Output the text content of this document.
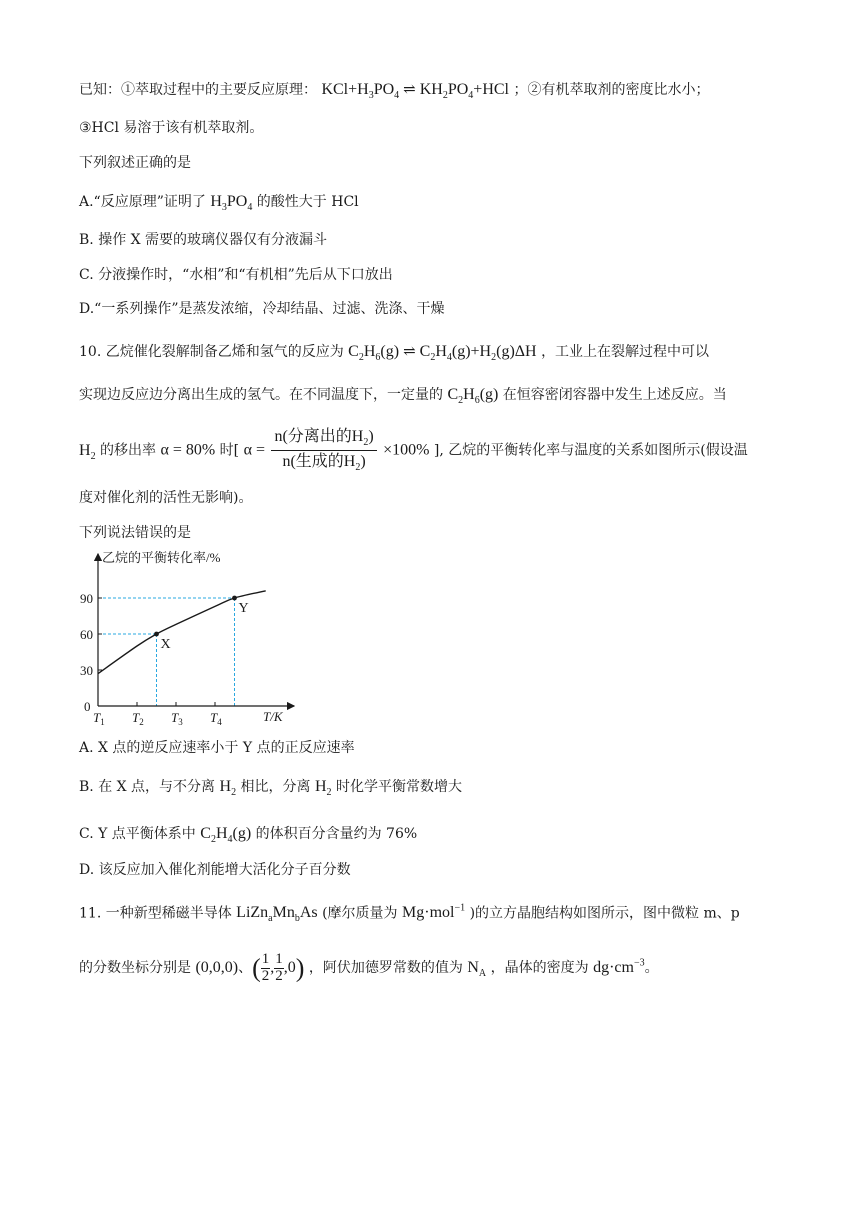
已知：①萃取过程中的主要反应原理： $KCl+H_3PO_4$ ⇌ $KH_2PO_4+HCl$ ；②有机萃取剂的密度比水小；
③HCl 易溶于该有机萃取剂。
下列叙述正确的是
A.“反应原理”证明了 $H_3PO_4$ 的酸性大于 HCl
B. 操作 X 需要的玻璃仪器仅有分液漏斗
C. 分液操作时，“水相”和“有机相”先后从下口放出
D.“一系列操作”是蒸发浓缩，冷却结晶、过滤、洗涤、干燥
10. 乙烷催化裂解制备乙烯和氢气的反应为 $C_2H_6(g)$ ⇌ $C_2H_4(g)+H_2(g)\Delta H$ ，工业上在裂解过程中可以
实现边反应边分离出生成的氢气。在不同温度下，一定量的 $C_2H_6(g)$ 在恒容密闭容器中发生上述反应。当
$H_2$ 的移出率 α = 80% 时[ $\alpha = \frac{n(分离出的H_2)}{n(生成的H_2)} \times 100\%$ ], 乙烷的平衡转化率与温度的关系如图所示(假设温
度对催化剂的活性无影响)。
下列说法错误的是
乙烷的平衡转化率/%
T/K
0
30
60
90
$T_1$ $T_2$ $T_3$ $T_4$
X
Y
A. X 点的逆反应速率小于 Y 点的正反应速率
B. 在 X 点，与不分离 $H_2$ 相比，分离 $H_2$ 时化学平衡常数增大
C. Y 点平衡体系中 $C_2H_4(g)$ 的体积百分含量约为 76%
D. 该反应加入催化剂能增大活化分子百分数
11. 一种新型稀磁半导体 $LiZn_aMn_bAs$ (摩尔质量为 Mg·mol$^{-1}$ )的立方晶胞结构如图所示，图中微粒 m、p
的分数坐标分别是 (0,0,0)、( $\frac{1}{2}$ , $\frac{1}{2} ,0$) ，阿伏加德罗常数的值为 $N_A$ ，晶体的密度为 $dg\cdot cm^{-3}$。
